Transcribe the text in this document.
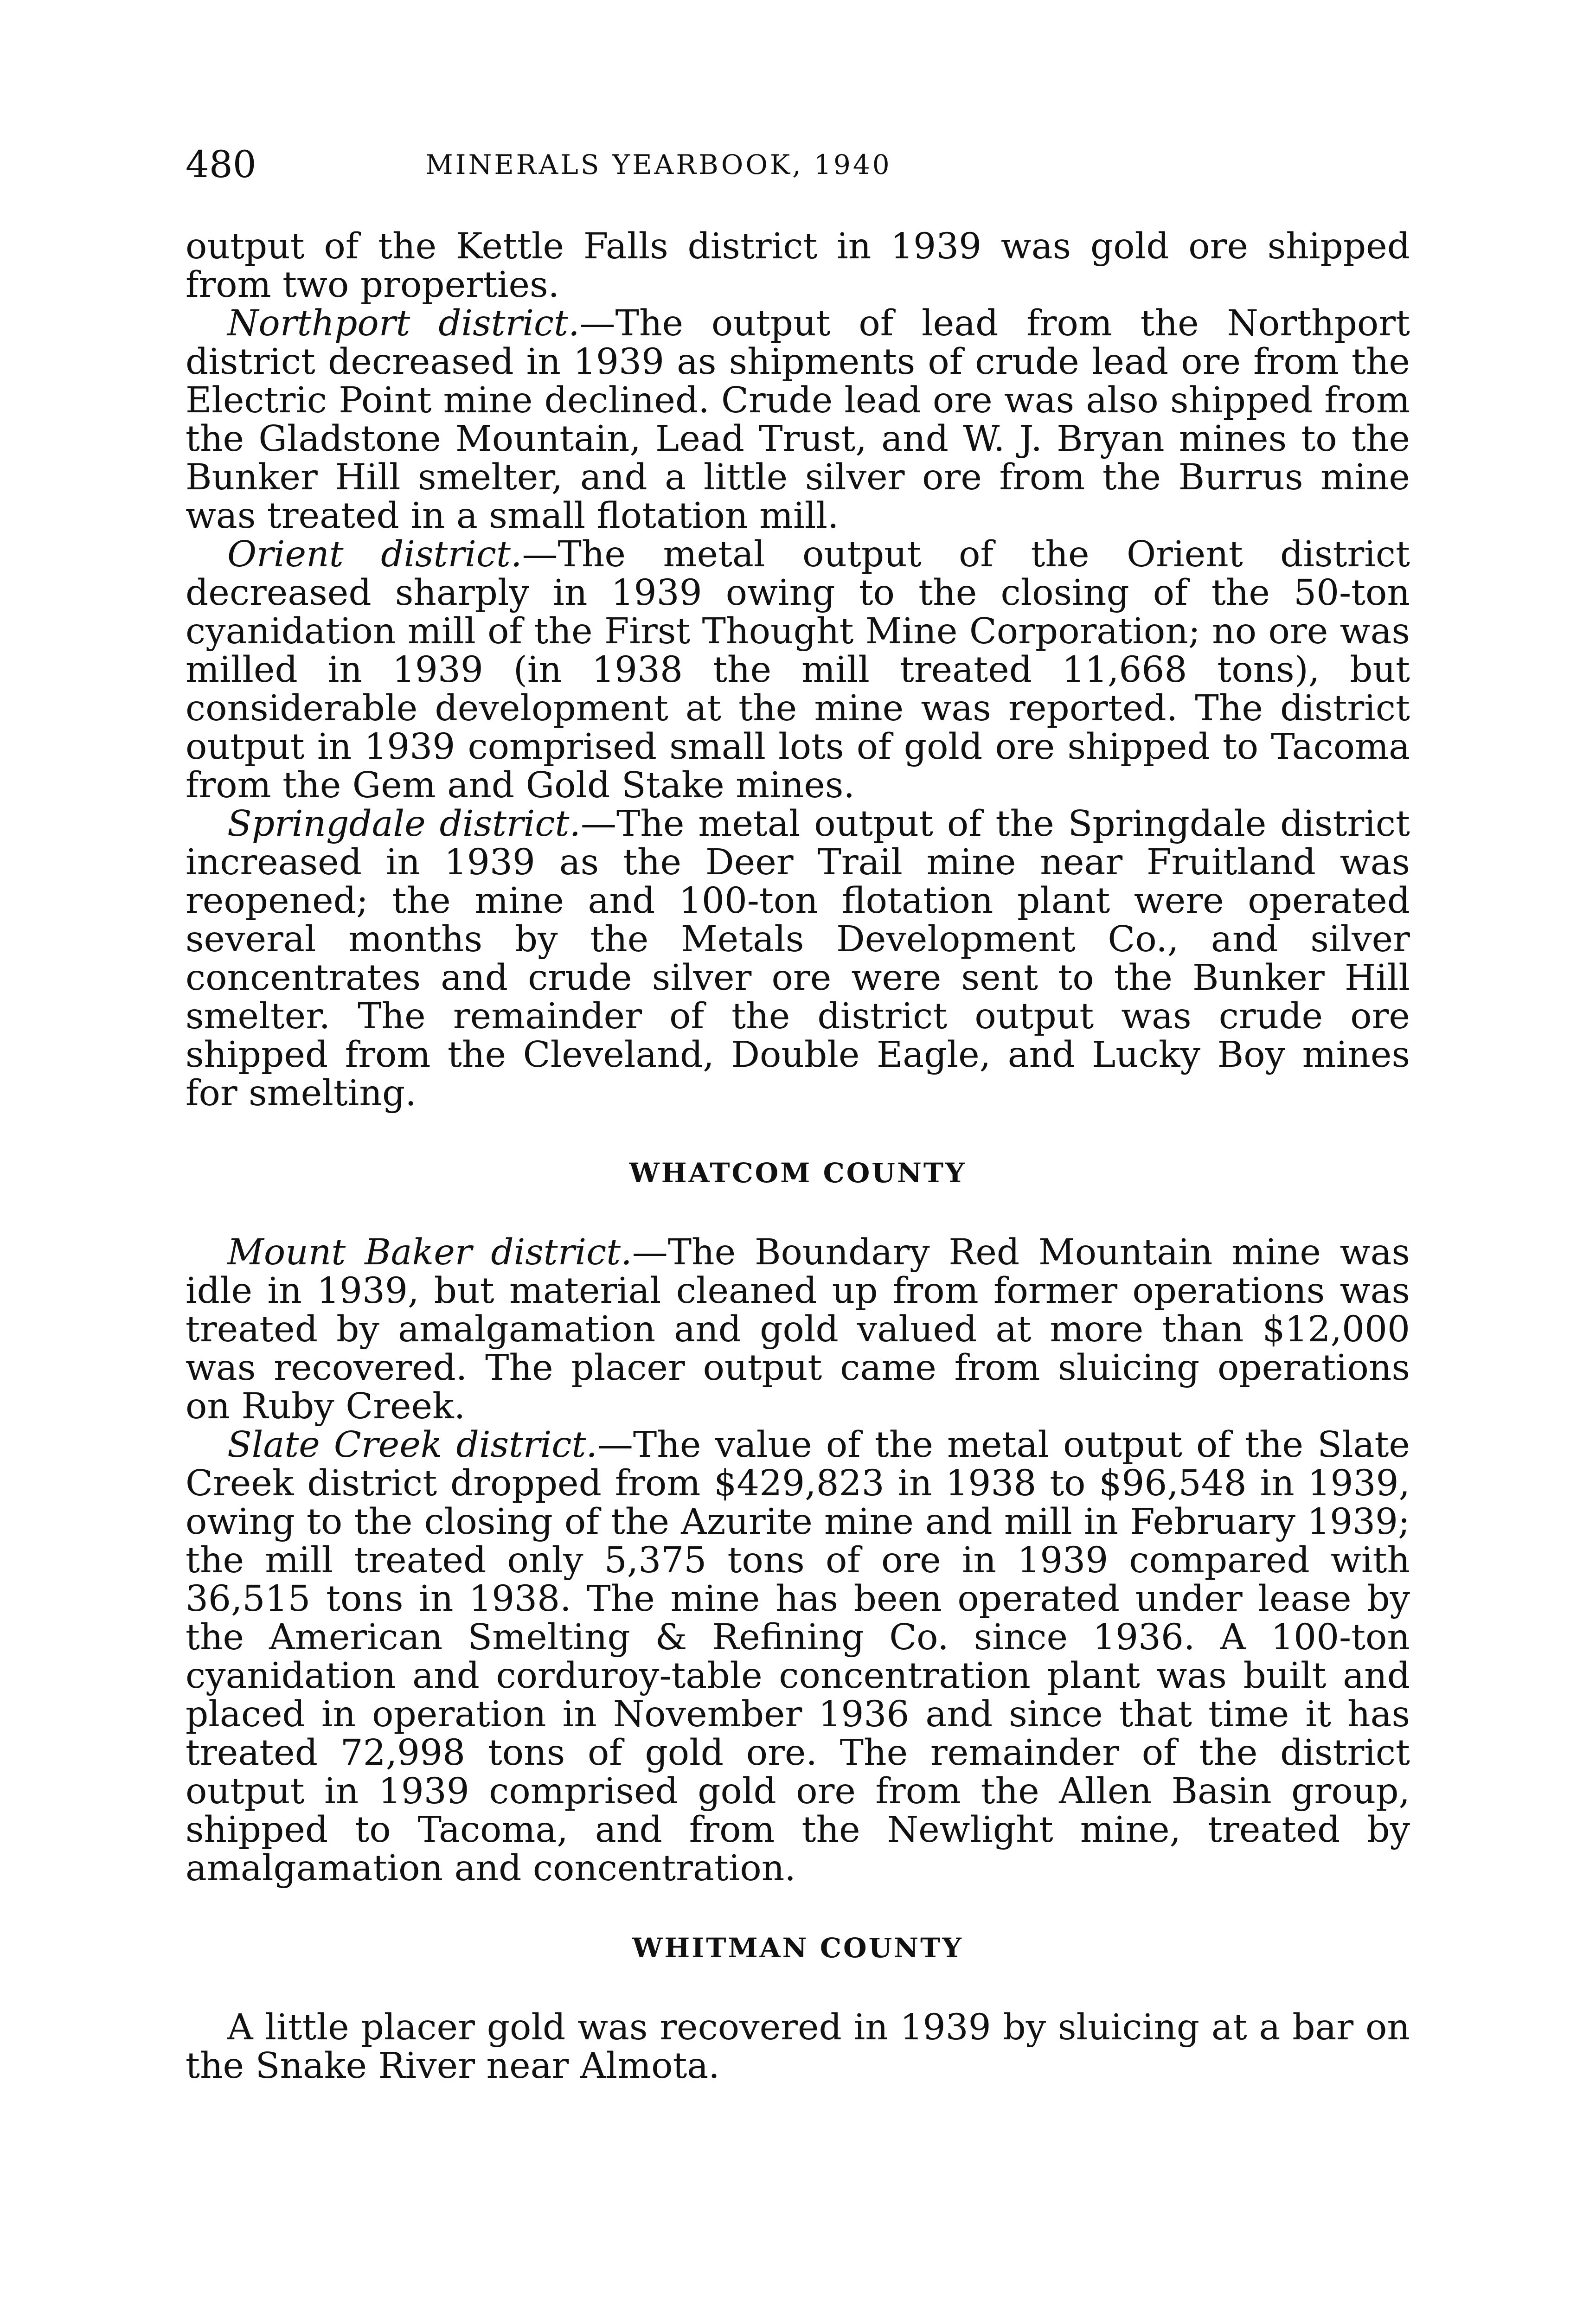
480	MINERALS YEARBOOK, 1940

output of the Kettle Falls district in 1939 was gold ore shipped from two properties.

Northport district.—The output of lead from the Northport district decreased in 1939 as shipments of crude lead ore from the Electric Point mine declined. Crude lead ore was also shipped from the Gladstone Mountain, Lead Trust, and W. J. Bryan mines to the Bunker Hill smelter, and a little silver ore from the Burrus mine was treated in a small flotation mill.

Orient district.—The metal output of the Orient district decreased sharply in 1939 owing to the closing of the 50-ton cyanidation mill of the First Thought Mine Corporation; no ore was milled in 1939 (in 1938 the mill treated 11,668 tons), but considerable development at the mine was reported. The district output in 1939 comprised small lots of gold ore shipped to Tacoma from the Gem and Gold Stake mines.

Springdale district.—The metal output of the Springdale district increased in 1939 as the Deer Trail mine near Fruitland was reopened; the mine and 100-ton flotation plant were operated several months by the Metals Development Co., and silver concentrates and crude silver ore were sent to the Bunker Hill smelter. The remainder of the district output was crude ore shipped from the Cleveland, Double Eagle, and Lucky Boy mines for smelting.

WHATCOM COUNTY

Mount Baker district.—The Boundary Red Mountain mine was idle in 1939, but material cleaned up from former operations was treated by amalgamation and gold valued at more than $12,000 was recovered. The placer output came from sluicing operations on Ruby Creek.

Slate Creek district.—The value of the metal output of the Slate Creek district dropped from $429,823 in 1938 to $96,548 in 1939, owing to the closing of the Azurite mine and mill in February 1939; the mill treated only 5,375 tons of ore in 1939 compared with 36,515 tons in 1938. The mine has been operated under lease by the American Smelting & Refining Co. since 1936. A 100-ton cyanidation and corduroy-table concentration plant was built and placed in operation in November 1936 and since that time it has treated 72,998 tons of gold ore. The remainder of the district output in 1939 comprised gold ore from the Allen Basin group, shipped to Tacoma, and from the Newlight mine, treated by amalgamation and concentration.

WHITMAN COUNTY

A little placer gold was recovered in 1939 by sluicing at a bar on the Snake River near Almota.
